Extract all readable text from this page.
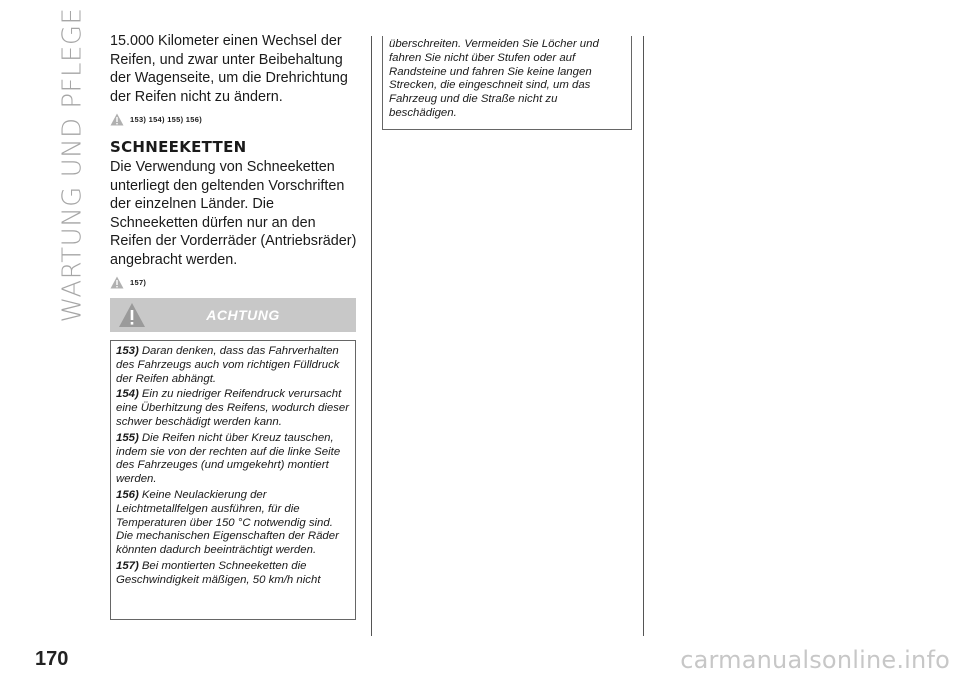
WARTUNG UND PFLEGE 15.000 Kilometer einen Wechsel der Reifen, und zwar unter Beibehaltung der Wagenseite, um die Drehrichtung der Reifen nicht zu ändern.

153) 154) 155) 156)
SCHNEEKETTEN

Die Verwendung von Schneeketten unterliegt den geltenden Vorschriften der einzelnen Länder. Die Schneeketten dürfen nur an den Reifen der Vorderräder (Antriebsräder) angebracht werden.

157)
ACHTUNG

153) Daran denken, dass das Fahrverhalten des Fahrzeugs auch vom richtigen Fülldruck der Reifen abhängt.

154) Ein zu niedriger Reifendruck verursacht eine Überhitzung des Reifens, wodurch dieser schwer beschädigt werden kann.

155) Die Reifen nicht über Kreuz tauschen, indem sie von der rechten auf die linke Seite des Fahrzeuges (und umgekehrt) montiert werden.

156) Keine Neulackierung der Leichtmetallfelgen ausführen, für die Temperaturen über 150 °C notwendig sind. Die mechanischen Eigenschaften der Räder könnten dadurch beeinträchtigt werden.

157) Bei montierten Schneeketten die Geschwindigkeit mäßigen, 50 km/h nicht

überschreiten. Vermeiden Sie Löcher und fahren Sie nicht über Stufen oder auf Randsteine und fahren Sie keine langen Strecken, die eingeschneit sind, um das Fahrzeug und die Straße nicht zu beschädigen.

170	carmanualsonline.info
